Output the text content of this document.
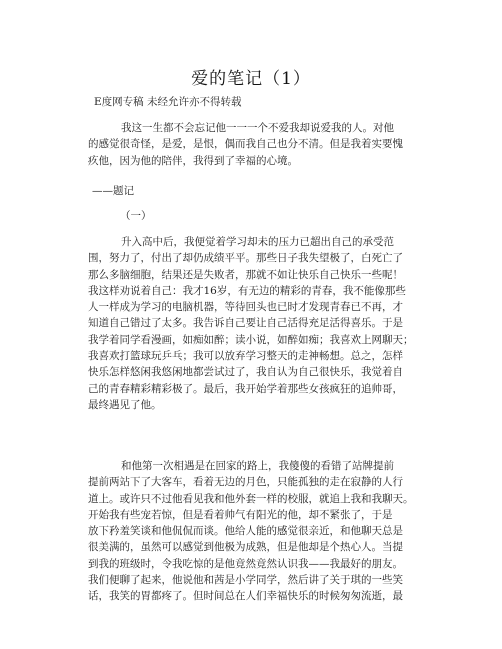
爱的笔记（1）
E度网专稿 未经允许亦不得转载
我这一生都不会忘记他一一一个不爱我却说爱我的人。对他
的感觉很奇怪，是爱，是恨，偶而我自己也分不清。但是我着实要愧
疚他，因为他的陪伴，我得到了幸福的心境。
——题记
（一）
升入高中后，我便觉着学习却未的压力已超出自己的承受范
围，努力了，付出了却仍成绩平平。那些日子我失望极了，白死亡了
那么多脑细胞，结果还是失败者，那就不如让快乐自己快乐一些呢！
我这样劝说着自己：我才16岁，有无边的精彩的青春，我不能像那些
人一样成为学习的电脑机器，等待回头也已时才发现青春已不再，才
知道自己错过了太多。我告诉自己要让自己活得充足活得喜乐。于是
我学着同学看漫画，如痴如醉；读小说，如醉如痴；我喜欢上网聊天；
我喜欢打篮球玩乒乓；我可以放弃学习整天的走神畅想。总之，怎样
快乐怎样悠闲我悠闲地都尝试过了，我自认为自己很快乐，我觉着自
己的青春精彩精彩极了。最后，我开始学着那些女孩疯狂的追帅哥，
最终遇见了他。
和他第一次相遇是在回家的路上，我傻傻的看错了站牌提前
提前两站下了大客车，看着无边的月色，只能孤独的走在寂静的人行
道上。或许只不过他看见我和他外套一样的校服，就追上我和我聊天。
开始我有些宠若惊，但是看着帅气有阳光的他，却不紧张了，于是
放下矜羞笑谈和他侃侃而谈。他给人能的感觉很亲近，和他聊天总是
很美满的，虽然可以感觉到他极为成熟，但是他却是个热心人。当提
到我的班级时，令我吃惊的是他竟然竟然认识我——我最好的朋友。
我们便聊了起来，他说他和茜是小学同学，然后讲了关于琪的一些笑
话，我笑的胃都疼了。但时间总在人们幸福快乐的时候匆匆流逝，最
